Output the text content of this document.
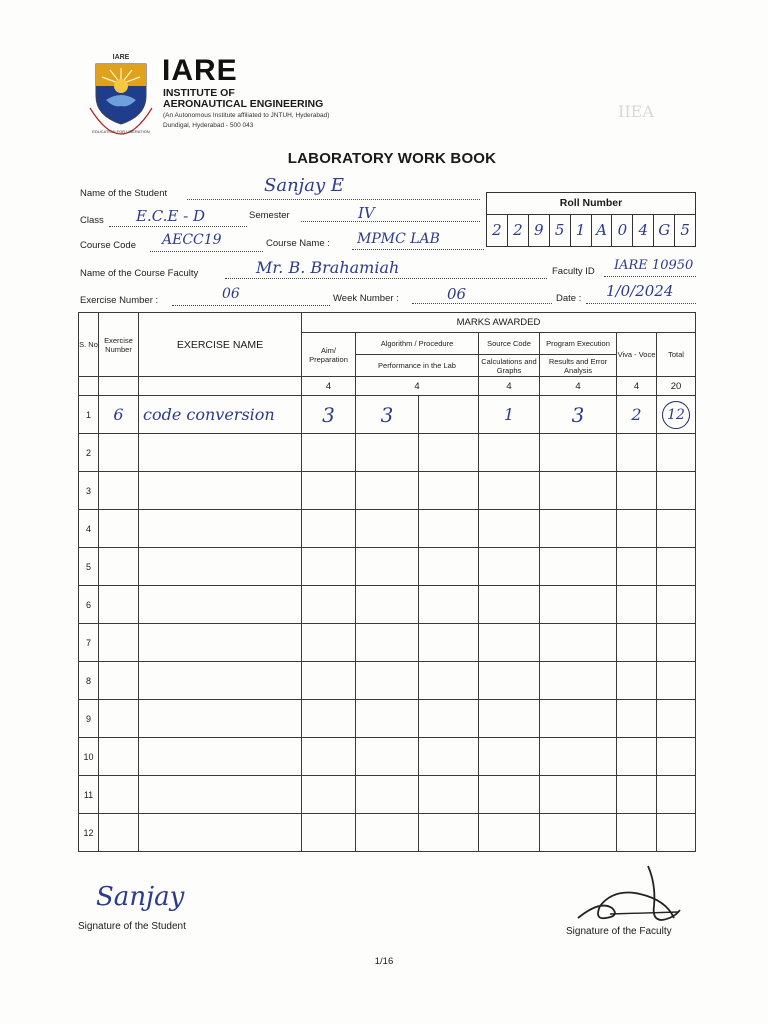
IARE
EDUCATION FOR LIBERATION
IARE
INSTITUTE OF
AERONAUTICAL ENGINEERING
(An Autonomous Institute affiliated to JNTUH, Hyderabad)
Dundigal, Hyderabad - 500 043
IIEA
LABORATORY WORK BOOK
Name of the Student	Sanjay E
Class E.C.E - D	Semester	IV
Course Code AECC19	Course Name : MPMC LAB
Name of the Course Faculty	Mr. B. Brahamiah	Faculty ID IARE 10950
Exercise Number :	06	Week Number :	06	Date : 1/0/2024
Roll Number
2 2 9 5 1 A 0 4 G 5
S. No	Exercise Number	EXERCISE NAME	MARKS AWARDED						
			Aim/ Preparation	Algorithm / Procedure		Source Code	Program Execution	Viva - Voce	Total
				Performance in the Lab		Calculations and Graphs	Results and Error Analysis		
			4	4		4	4	4	20
1	6	code conversion	3	3		1	3	2	12
2									
3									
4									
5									
6									
7									
8									
9									
10									
11									
12									
Sanjay
Signature of the Student	Signature of the Faculty
1/16
